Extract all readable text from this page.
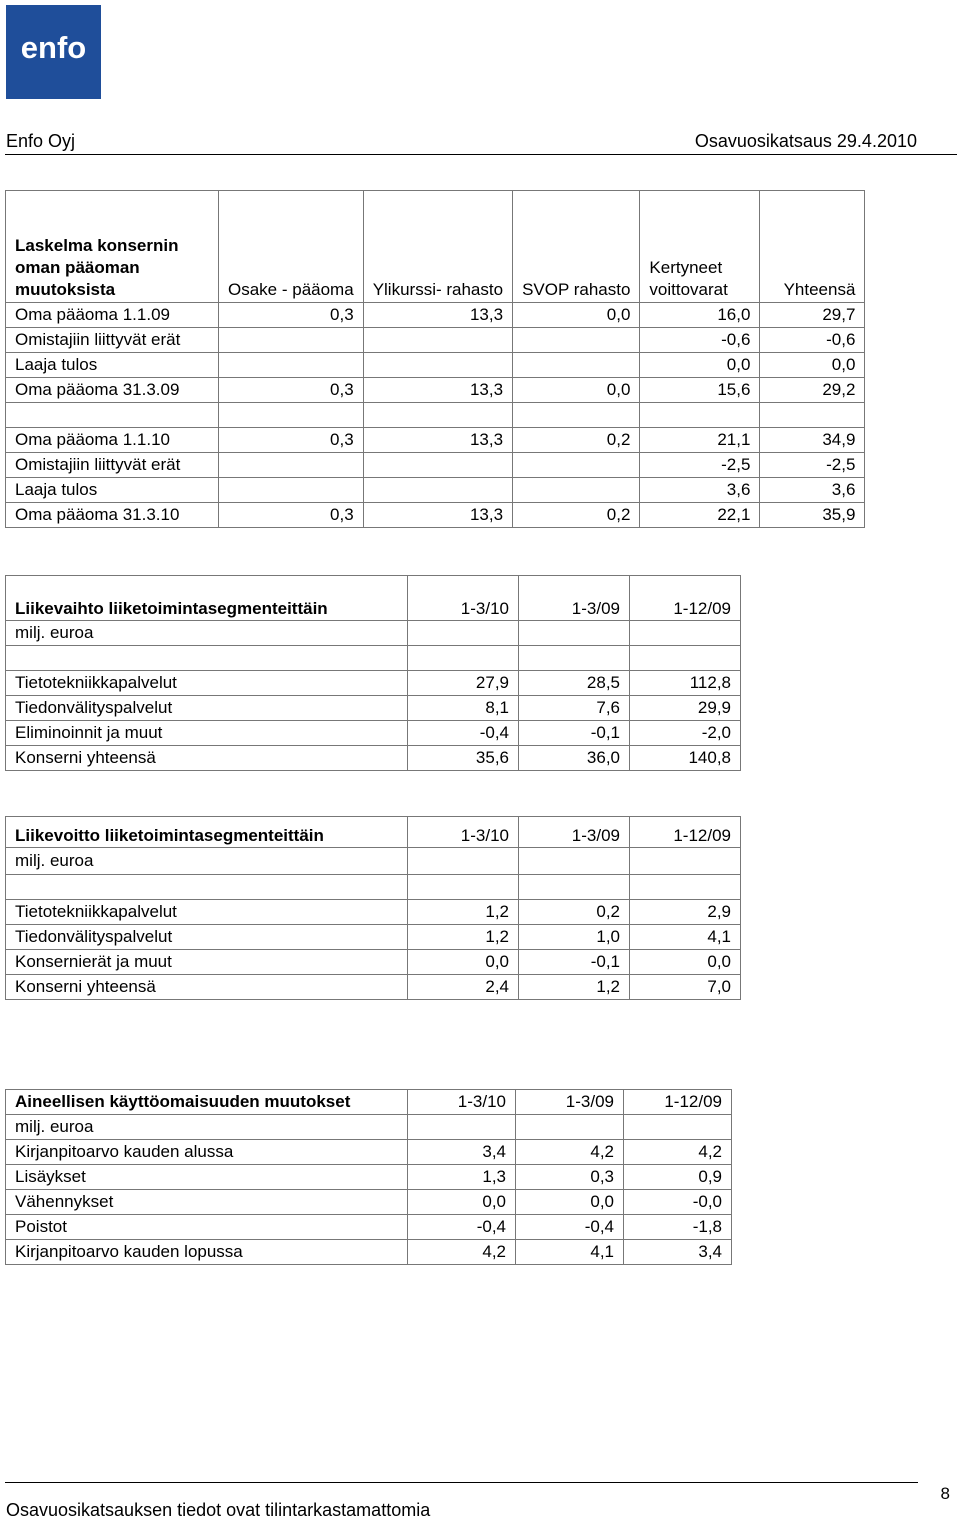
enfo
Enfo Oyj	Osavuosikatsaus 29.4.2010
Laskelma konsernin oman pääoman muutoksista	Osake - pääoma	Ylikurssi- rahasto	SVOP rahasto	Kertyneet voittovarat	Yhteensä
Oma pääoma 1.1.09	0,3	13,3	0,0	16,0	29,7
Omistajiin liittyvät erät				-0,6	-0,6
Laaja tulos				0,0	0,0
Oma pääoma 31.3.09	0,3	13,3	0,0	15,6	29,2

Oma pääoma 1.1.10	0,3	13,3	0,2	21,1	34,9
Omistajiin liittyvät erät				-2,5	-2,5
Laaja tulos				3,6	3,6
Oma pääoma 31.3.10	0,3	13,3	0,2	22,1	35,9
Liikevaihto liiketoimintasegmenteittäin	1-3/10	1-3/09	1-12/09
milj. euroa			

Tietotekniikkapalvelut	27,9	28,5	112,8
Tiedonvälityspalvelut	8,1	7,6	29,9
Eliminoinnit ja muut	-0,4	-0,1	-2,0
Konserni yhteensä	35,6	36,0	140,8
Liikevoitto liiketoimintasegmenteittäin	1-3/10	1-3/09	1-12/09
milj. euroa			

Tietotekniikkapalvelut	1,2	0,2	2,9
Tiedonvälityspalvelut	1,2	1,0	4,1
Konsernierät ja muut	0,0	-0,1	0,0
Konserni yhteensä	2,4	1,2	7,0
Aineellisen käyttöomaisuuden muutokset	1-3/10	1-3/09	1-12/09
milj. euroa			
Kirjanpitoarvo kauden alussa	3,4	4,2	4,2
Lisäykset	1,3	0,3	0,9
Vähennykset	0,0	0,0	-0,0
Poistot	-0,4	-0,4	-1,8
Kirjanpitoarvo kauden lopussa	4,2	4,1	3,4
Osavuosikatsauksen tiedot ovat tilintarkastamattomia
8
